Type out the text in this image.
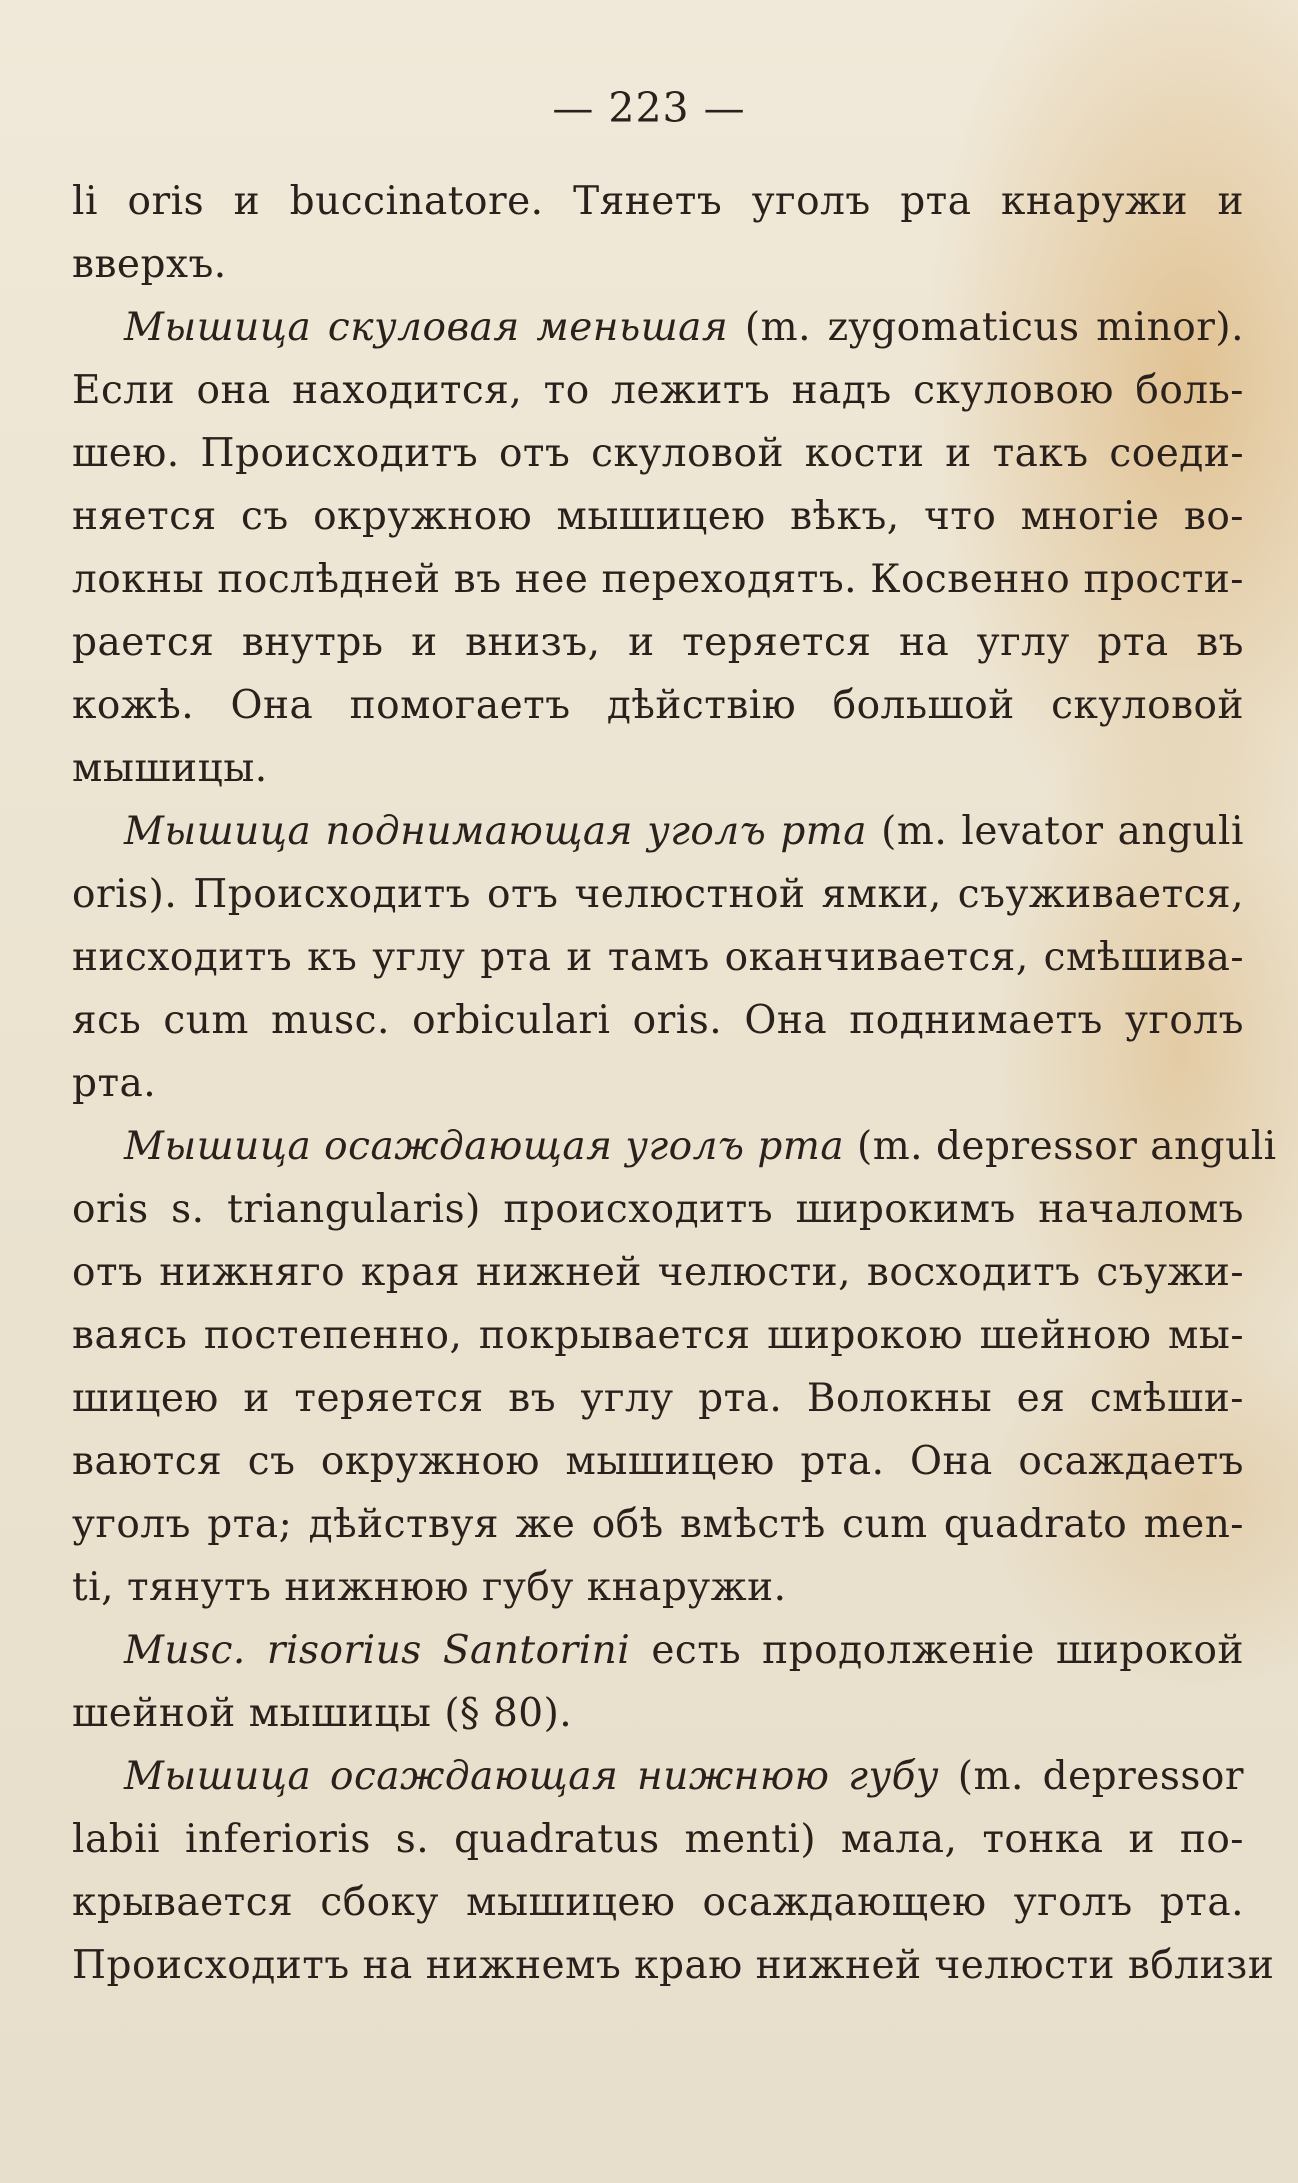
— 223 —
li oris и buccinatore. Тянетъ уголъ рта кнаружи и
вверхъ.
Мышица скуловая меньшая (m. zygomaticus minor).
Если она находится, то лежитъ надъ скуловою боль-
шею. Происходитъ отъ скуловой кости и такъ соеди-
няется съ окружною мышицею вѣкъ, что многіе во-
локны послѣдней въ нее переходятъ. Косвенно прости-
рается внутрь и внизъ, и теряется на углу рта въ
кожѣ. Она помогаетъ дѣйствію большой скуловой
мышицы.
Мышица поднимающая уголъ рта (m. levator anguli
oris). Происходитъ отъ челюстной ямки, съуживается,
нисходитъ къ углу рта и тамъ оканчивается, смѣшива-
ясь cum musc. orbiculari oris. Она поднимаетъ уголъ
рта.
Мышица осаждающая уголъ рта (m. depressor anguli
oris s. triangularis) происходитъ широкимъ началомъ
отъ нижняго края нижней челюсти, восходитъ съужи-
ваясь постепенно, покрывается широкою шейною мы-
шицею и теряется въ углу рта. Волокны ея смѣши-
ваются съ окружною мышицею рта. Она осаждаетъ
уголъ рта; дѣйствуя же обѣ вмѣстѣ cum quadrato men-
ti, тянутъ нижнюю губу кнаружи.
Musc. risorius Santorini есть продолженіе широкой
шейной мышицы (§ 80).
Мышица осаждающая нижнюю губу (m. depressor
labii inferioris s. quadratus menti) мала, тонка и по-
крывается сбоку мышицею осаждающею уголъ рта.
Происходитъ на нижнемъ краю нижней челюсти вблизи
